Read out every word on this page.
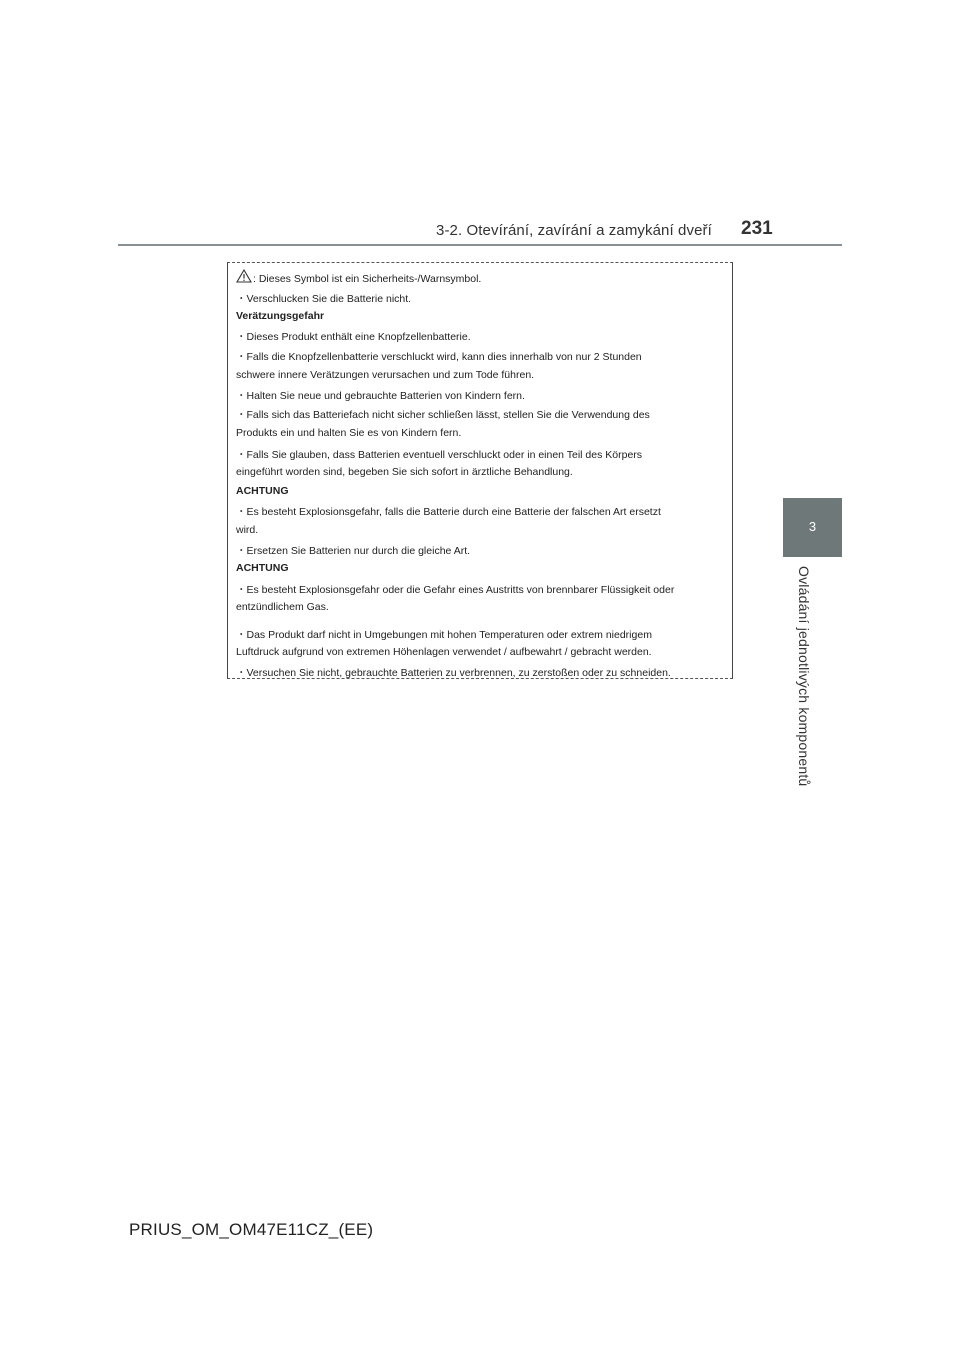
3-2. Otevírání, zavírání a zamykání dveří 231
3
Ovládání jednotlivých komponentů
: Dieses Symbol ist ein Sicherheits-/Warnsymbol.
・Verschlucken Sie die Batterie nicht.
Verätzungsgefahr
・Dieses Produkt enthält eine Knopfzellenbatterie.
・Falls die Knopfzellenbatterie verschluckt wird, kann dies innerhalb von nur 2 Stunden
schwere innere Verätzungen verursachen und zum Tode führen.
・Halten Sie neue und gebrauchte Batterien von Kindern fern.
・Falls sich das Batteriefach nicht sicher schließen lässt, stellen Sie die Verwendung des
Produkts ein und halten Sie es von Kindern fern.
・Falls Sie glauben, dass Batterien eventuell verschluckt oder in einen Teil des Körpers
eingeführt worden sind, begeben Sie sich sofort in ärztliche Behandlung.
ACHTUNG
・Es besteht Explosionsgefahr, falls die Batterie durch eine Batterie der falschen Art ersetzt
wird.
・Ersetzen Sie Batterien nur durch die gleiche Art.
ACHTUNG
・Es besteht Explosionsgefahr oder die Gefahr eines Austritts von brennbarer Flüssigkeit oder
entzündlichem Gas.
・Das Produkt darf nicht in Umgebungen mit hohen Temperaturen oder extrem niedrigem
Luftdruck aufgrund von extremen Höhenlagen verwendet / aufbewahrt / gebracht werden.
・Versuchen Sie nicht, gebrauchte Batterien zu verbrennen, zu zerstoßen oder zu schneiden.
PRIUS_OM_OM47E11CZ_(EE)
